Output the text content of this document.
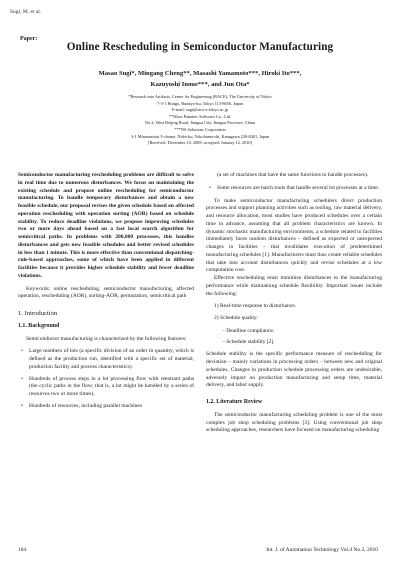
Sugi, M. et al.
Paper:
Online Rescheduling in Semiconductor Manufacturing
Masao Sugi*, Mingang Cheng**, Masashi Yamamoto***, Hiroki Ito***,
Kazuyoshi Inoue***, and Jun Ota*
*Research into Artifacts, Center for Engineering (RACE), The University of Tokyo
7-3-1 Hongo, Bunkyo-ku, Tokyo 113-8656, Japan
E-mail: sugi@race.u-tokyo.ac.jp
**Wuxi Panaitec Software Co., Ltd.
No.2, West Beijing Road, Jiangsu City, Jiangsu Province, China
***NS Solutions Corporation
3-1 Minatomirai 3-chome, Nishi-ku, Yokohama-shi, Kanagawa 220-8401, Japan
[Received: December 10, 2008; accepted: January 12, 2010]

Semiconductor manufacturing rescheduling problems are difficult to solve in real time due to numerous disturbances. We focus on maintaining the existing schedule and propose online rescheduling for semiconductor manufacturing. To handle temporary disturbances and obtain a new feasible schedule, our proposal revises the given schedule based on affected operation rescheduling with operation sorting (AOR) based on schedule stability. To reduce deadline violations, we propose improving schedules two or more days ahead based on a fast local search algorithm for semicritical paths. In problems with 200,000 processes, this handles disturbances and gets new feasible schedules and better revised schedules in less than 1 minute. This is more effective than conventional dispatching-rule-based approaches, some of which have been applied in different facilities because it provides higher schedule stability and fewer deadline violations.

Keywords: online rescheduling, semiconductor manufacturing, affected operation, rescheduling (AOR), sorting-AOR, permutation, semicritical path

1. Introduction
1.1. Background

Semiconductor manufacturing is characterized by the following features:

• Large numbers of lots (a specific division of an order in quantity, which is defined as the production run, identified with a specific set of material, production facility and process characteristics).
• Hundreds of process steps in a lot processing flow with reentrant paths (the cyclic paths in the flow; that is, a lot might be handled by a series of resources two or more times).
• Hundreds of resources, including parallel machines

(a set of machines that have the same functions to handle processes).

• Some resources are batch tools that handle several lot processes at a time.

To make semiconductor manufacturing schedulers direct production processes and support planning activities such as tooling, raw material delivery, and resource allocation, most studies have produced schedules over a certain time in advance, assuming that all problem characteristics are known. In dynamic stochastic manufacturing environments, a schedule related to facilities immediately faces random disturbances – defined as expected or unexpected changes in facilities – that invalidates execution of predetermined manufacturing schedules [1]. Manufacturers must thus create reliable schedules that take into account disturbances quickly and revise schedules at a low computation cost.

Effective rescheduling must minimize disturbances to the manufacturing performance while maintaining schedule flexibility. Important issues include the following:

1) Real-time response to disturbance.
2) Schedule quality.
- Deadline compliance.
- Schedule stability [2].

Schedule stability is the specific performance measure of rescheduling for deviation – mainly variations in processing orders – between new and original schedules. Changes in production schedule processing orders are undesirable, adversely impact on production manufacturing and setup time, material delivery, and labor supply.

1.2. Literature Review

The semiconductor manufacturing scheduling problem is one of the most complex job shop scheduling problems [3]. Using conventional job shop scheduling approaches, researchers have focused on manufacturing scheduling

184	Int. J. of Automation Technology Vol.4 No.2, 2010
